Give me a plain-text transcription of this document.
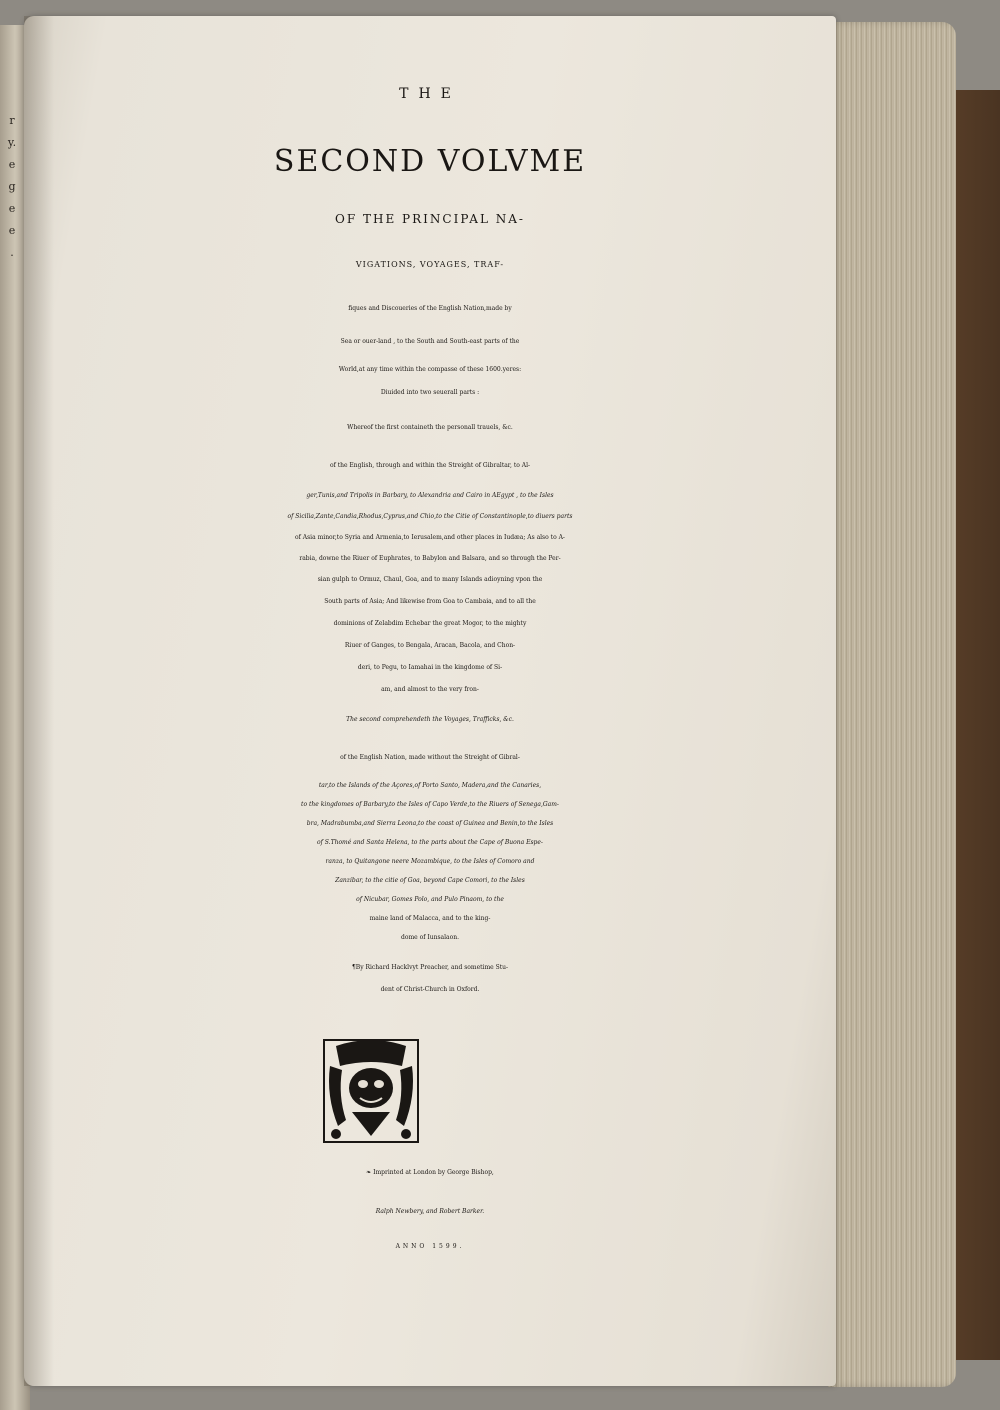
r
y.
e
g
e
e
.
THE
SECOND VOLVME
OF THE PRINCIPAL NA-
VIGATIONS, VOYAGES, TRAF-
fiques and Discoueries of the English Nation,made by
Sea or ouer-land , to the South and South-east parts of the
World,at any time within the compasse of these 1600.yeres:
Diuided into two seuerall parts :
Whereof the first containeth the personall trauels, &c.
of the English, through and within the Streight of Gibraltar, to Al-
ger,Tunis,and Tripolis in Barbary, to Alexandria and Cairo in AEgypt , to the Isles
of Sicilia,Zante,Candia,Rhodus,Cyprus,and Chio,to the Citie of Constantinople,to diuers parts
of Asia minor,to Syria and Armenia,to Ierusalem,and other places in Iudæa; As also to A-
rabia, downe the Riuer of Euphrates, to Babylon and Balsara, and so through the Per-
sian gulph to Ormuz, Chaul, Goa, and to many Islands adioyning vpon the
South parts of Asia; And likewise from Goa to Cambaia, and to all the
dominions of Zelabdim Echebar the great Mogor, to the mighty
Riuer of Ganges, to Bengala, Aracan, Bacola, and Chon-
deri, to Pegu, to Iamahai in the kingdome of Si-
am, and almost to the very fron-
The second comprehendeth the Voyages, Trafficks, &c.
of the English Nation, made without the Streight of Gibral-
tar,to the Islands of the Açores,of Porto Santo, Madera,and the Canaries,
to the kingdomes of Barbary,to the Isles of Capo Verde,to the Riuers of Senega,Gam-
bra, Madrabumba,and Sierra Leona,to the coast of Guinea and Benin,to the Isles
of S.Thomé and Santa Helena, to the parts about the Cape of Buona Espe-
ranza, to Quitangone neere Mozambique, to the Isles of Comoro and
Zanzibar, to the citie of Goa, beyond Cape Comori, to the Isles
of Nicubar, Gomes Polo, and Pulo Pinaom, to the
maine land of Malacca, and to the king-
dome of Iunsalaon.
¶By Richard Hacklvyt Preacher, and sometime Stu-
dent of Christ-Church in Oxford.
❧ Imprinted at London by George Bishop,
Ralph Newbery, and Robert Barker.
ANNO 1599.
